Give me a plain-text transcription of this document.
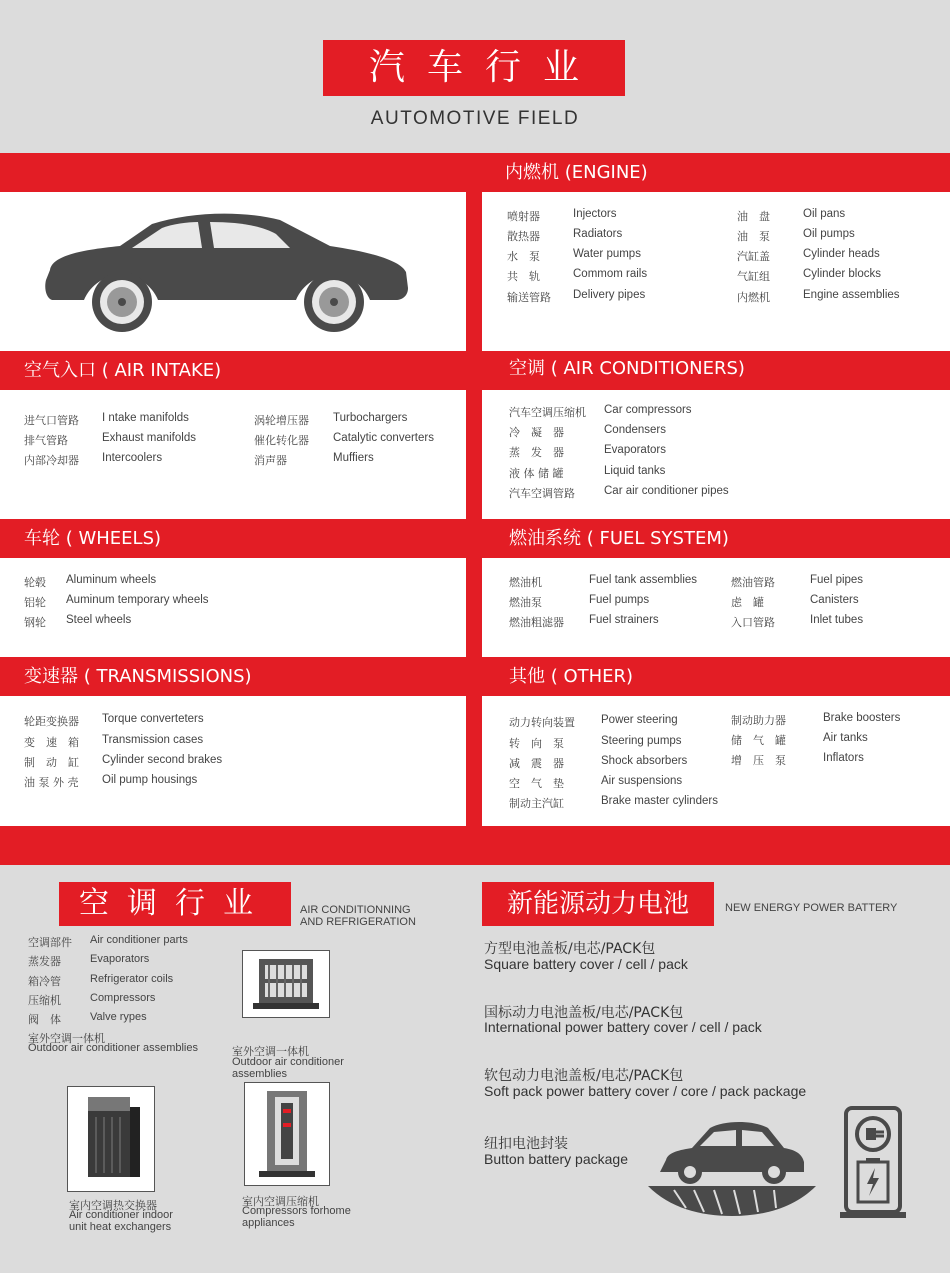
汽车行业
AUTOMOTIVE FIELD
内燃机 (ENGINE)
空气入口 ( AIR INTAKE)	空调 ( AIR CONDITIONERS)
车轮 ( WHEELS)	燃油系统 ( FUEL SYSTEM)
变速器 ( TRANSMISSIONS)	其他 ( OTHER)
喷射器	Injectors
散热器	Radiators
水　泵	Water pumps
共　轨	Commom rails
输送管路 Delivery pipes
油　盘	Oil pans
油　泵	Oil pumps
汽缸盖	Cylinder heads
气缸组	Cylinder blocks
内燃机	Engine assemblies
进气口管路 I ntake manifolds
排气管路	Exhaust manifolds
内部冷却器 Intercoolers
涡轮增压器 Turbochargers
催化转化器 Catalytic converters
消声器	Muffiers
汽车空调压缩机 Car compressors
冷　凝　器	Condensers
蒸　发　器	Evaporators
液 体 储 罐	Liquid tanks
汽车空调管路	Car air conditioner pipes
轮毂 Aluminum wheels
铝轮 Auminum temporary wheels
钢轮 Steel wheels
燃油机	Fuel tank assemblies
燃油泵	Fuel pumps
燃油粗滤器 Fuel strainers
燃油管路	Fuel pipes
虑　罐	Canisters
入口管路	Inlet tubes
轮距变换器 Torque converteters
变　速　箱 Transmission cases
制　动　缸 Cylinder second brakes
油 泵 外 壳 Oil pump housings
动力转向装置 Power steering
转　向　泵	Steering pumps
减　震　器	Shock absorbers
空　气　垫	Air suspensions
制动主汽缸	Brake master cylinders
制动助力器	Brake boosters
储　气　罐	Air tanks
增　压　泵	Inflators
空调行业	AIR CONDITIONNING
AND REFRIGERATION
空调部件 Air conditioner parts
蒸发器	Evaporators
箱冷管	Refrigerator coils
压缩机	Compressors
阀　体	Valve rypes
室外空调一体机
Outdoor air conditioner assemblies	室外空调一体机
Outdoor air conditioner
assemblies
室内空调热交换器
Air conditioner indoor
unit heat exchangers
室内空调压缩机
Compressors forhome
appliances
新能源动力电池	NEW ENERGY POWER BATTERY
方型电池盖板/电芯/PACK包
Square battery cover / cell / pack
国标动力电池盖板/电芯/PACK包
International power battery cover / cell / pack
软包动力电池盖板/电芯/PACK包
Soft pack power battery cover / core / pack package
纽扣电池封装
Button battery package
